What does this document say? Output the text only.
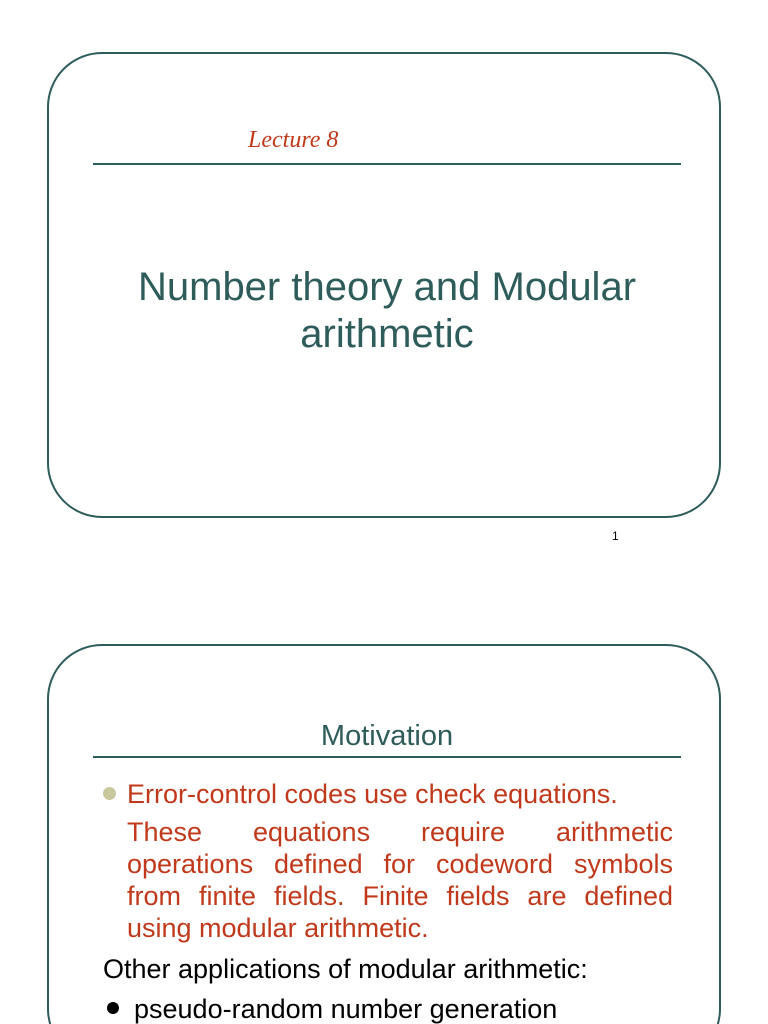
Lecture 8
Number theory and Modular arithmetic
1
Motivation
Error-control codes use check equations.
These equations require arithmetic operations defined for codeword symbols from finite fields. Finite fields are defined using modular arithmetic.
Other applications of modular arithmetic:
pseudo-random number generation
